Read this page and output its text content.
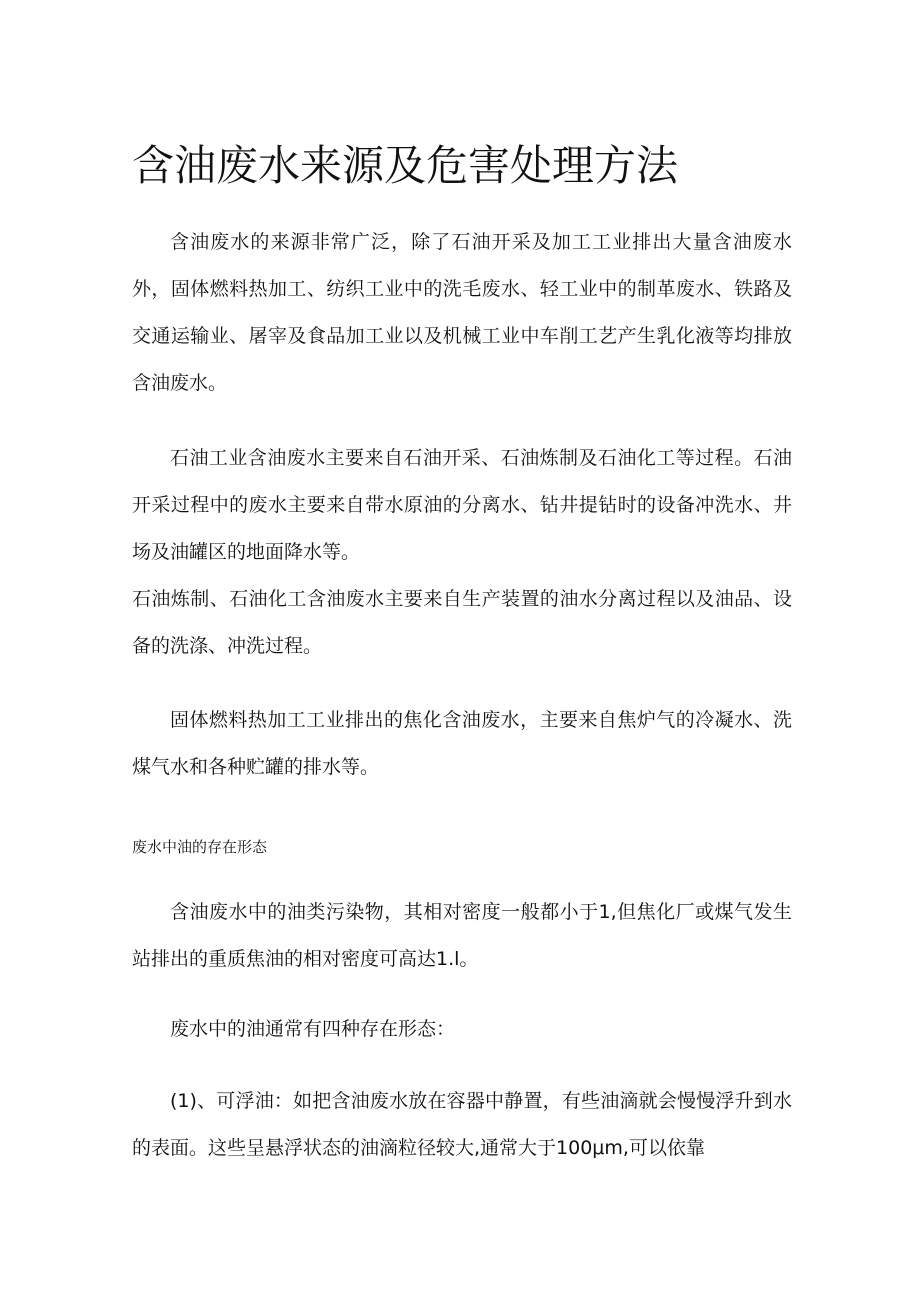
含油废水来源及危害处理方法

含油废水的来源非常广泛，除了石油开采及加工工业排出大量含油废水外，固体燃料热加工、纺织工业中的洗毛废水、轻工业中的制革废水、铁路及交通运输业、屠宰及食品加工业以及机械工业中车削工艺产生乳化液等均排放含油废水。

石油工业含油废水主要来自石油开采、石油炼制及石油化工等过程。石油开采过程中的废水主要来自带水原油的分离水、钻井提钻时的设备冲洗水、井场及油罐区的地面降水等。

石油炼制、石油化工含油废水主要来自生产装置的油水分离过程以及油品、设备的洗涤、冲洗过程。

固体燃料热加工工业排出的焦化含油废水，主要来自焦炉气的冷凝水、洗煤气水和各种贮罐的排水等。

废水中油的存在形态

含油废水中的油类污染物，其相对密度一般都小于1,但焦化厂或煤气发生站排出的重质焦油的相对密度可高达1.l。

废水中的油通常有四种存在形态：

(1)、可浮油：如把含油废水放在容器中静置，有些油滴就会慢慢浮升到水的表面。这些呈悬浮状态的油滴粒径较大,通常大于100μm,可以依靠
